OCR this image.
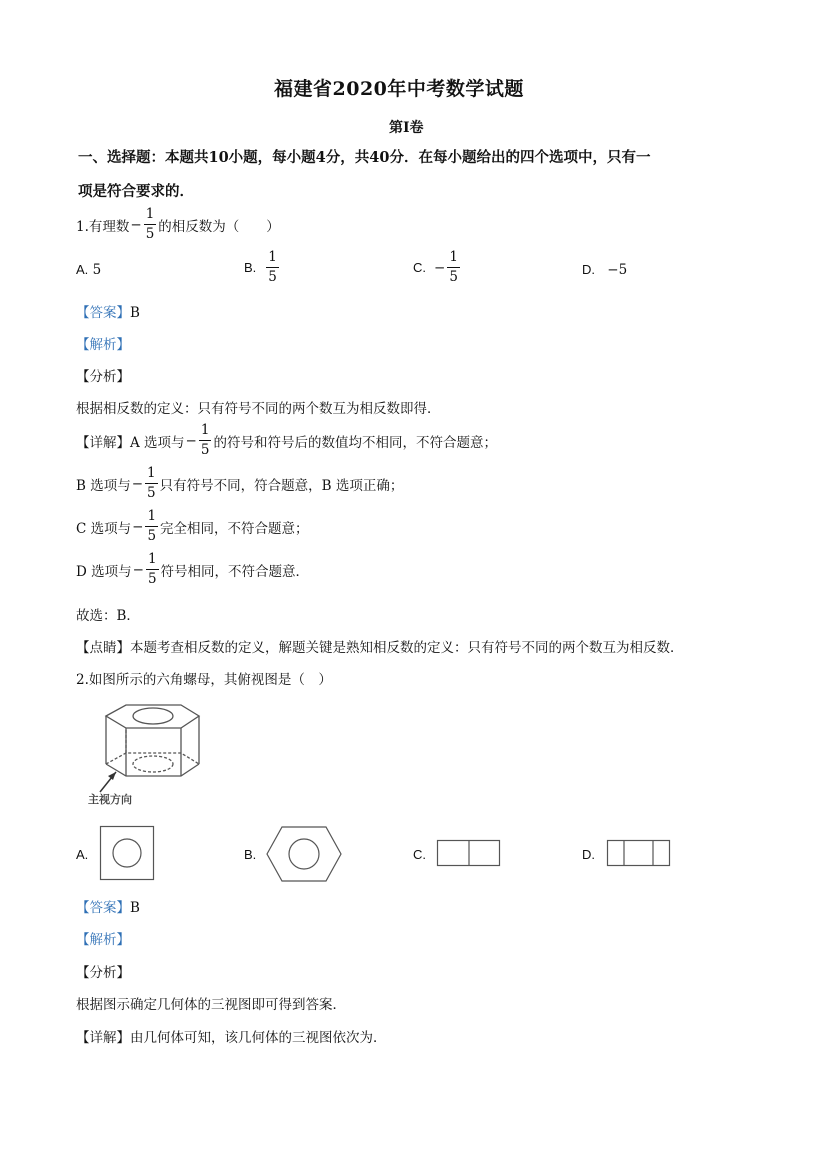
福建省2020年中考数学试题
第Ⅰ卷
一、选择题：本题共10小题，每小题4分，共40分．在每小题给出的四个选项中，只有一
项是符合要求的．
1.有理数 − $\frac{1}{5}$ 的相反数为（　　）
A. 5	B. $\frac{1}{5}$	C. − $\frac{1}{5}$	D. −5
【答案】B
【解析】
【分析】
根据相反数的定义：只有符号不同的两个数互为相反数即得．
【详解】 A 选项与 − $\frac{1}{5}$ 的符号和符号后的数值均不相同，不符合题意；
B 选项与 − $\frac{1}{5}$ 只有符号不同，符合题意，B 选项正确；
C 选项与 − $\frac{1}{5}$ 完全相同，不符合题意；
D 选项与 − $\frac{1}{5}$ 符号相同，不符合题意．
故选：B．
【点睛】本题考查相反数的定义，解题关键是熟知相反数的定义：只有符号不同的两个数互为相反数．
2.如图所示的六角螺母，其俯视图是（　）
主视方向
A.	B.	C.	D.
【答案】B
【解析】
【分析】
根据图示确定几何体的三视图即可得到答案．
【详解】由几何体可知，该几何体的三视图依次为．
